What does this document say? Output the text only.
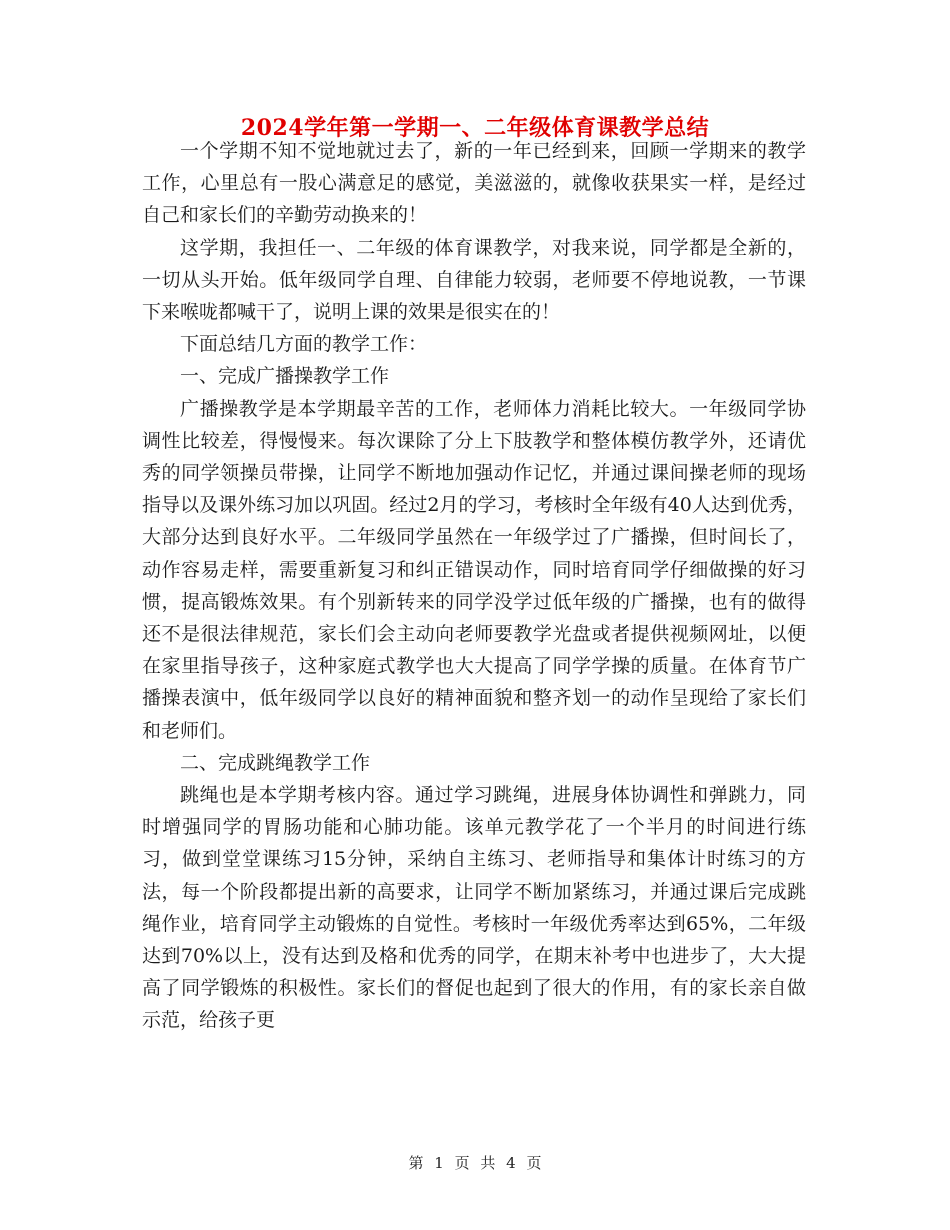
2024学年第一学期一、二年级体育课教学总结

一个学期不知不觉地就过去了，新的一年已经到来，回顾一学期来的教学工作，心里总有一股心满意足的感觉，美滋滋的，就像收获果实一样，是经过自己和家长们的辛勤劳动换来的！

这学期，我担任一、二年级的体育课教学，对我来说，同学都是全新的，一切从头开始。低年级同学自理、自律能力较弱，老师要不停地说教，一节课下来喉咙都喊干了，说明上课的效果是很实在的！

下面总结几方面的教学工作：

一、完成广播操教学工作

广播操教学是本学期最辛苦的工作，老师体力消耗比较大。一年级同学协调性比较差，得慢慢来。每次课除了分上下肢教学和整体模仿教学外，还请优秀的同学领操员带操，让同学不断地加强动作记忆，并通过课间操老师的现场指导以及课外练习加以巩固。经过2月的学习，考核时全年级有40人达到优秀，大部分达到良好水平。二年级同学虽然在一年级学过了广播操，但时间长了，动作容易走样，需要重新复习和纠正错误动作，同时培育同学仔细做操的好习惯，提高锻炼效果。有个别新转来的同学没学过低年级的广播操，也有的做得还不是很法律规范，家长们会主动向老师要教学光盘或者提供视频网址，以便在家里指导孩子，这种家庭式教学也大大提高了同学学操的质量。在体育节广播操表演中，低年级同学以良好的精神面貌和整齐划一的动作呈现给了家长们和老师们。

二、完成跳绳教学工作

跳绳也是本学期考核内容。通过学习跳绳，进展身体协调性和弹跳力，同时增强同学的胃肠功能和心肺功能。该单元教学花了一个半月的时间进行练习，做到堂堂课练习15分钟，采纳自主练习、老师指导和集体计时练习的方法，每一个阶段都提出新的高要求，让同学不断加紧练习，并通过课后完成跳绳作业，培育同学主动锻炼的自觉性。考核时一年级优秀率达到65%，二年级达到70%以上，没有达到及格和优秀的同学，在期末补考中也进步了，大大提高了同学锻炼的积极性。家长们的督促也起到了很大的作用，有的家长亲自做示范，给孩子更

第 1 页 共 4 页
